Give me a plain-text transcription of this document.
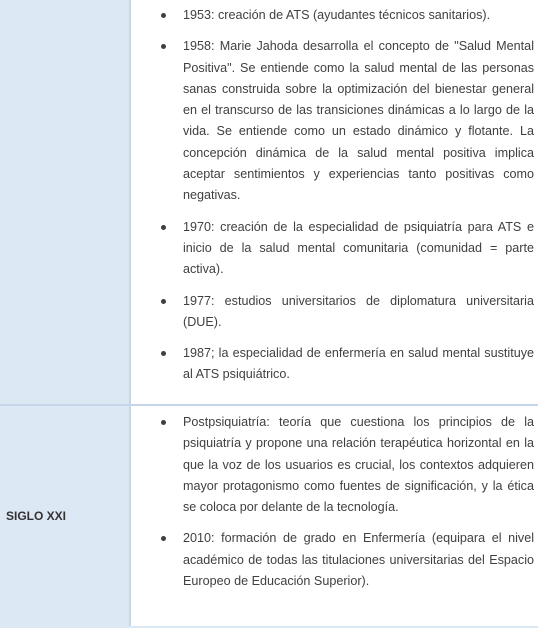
1953: creación de ATS (ayudantes técnicos sanitarios).
1958: Marie Jahoda desarrolla el concepto de "Salud Mental Positiva". Se entiende como la salud mental de las personas sanas construida sobre la optimización del bienestar general en el transcurso de las transiciones dinámicas a lo largo de la vida. Se entiende como un estado dinámico y flotante. La concepción dinámica de la salud mental positiva implica aceptar sentimientos y experiencias tanto positivas como negativas.
1970: creación de la especialidad de psiquiatría para ATS e inicio de la salud mental comunitaria (comunidad = parte activa).
1977: estudios universitarios de diplomatura universitaria (DUE).
1987; la especialidad de enfermería en salud mental sustituye al ATS psiquiátrico.
SIGLO XXI
Postpsiquiatría: teoría que cuestiona los principios de la psiquiatría y propone una relación terapéutica horizontal en la que la voz de los usuarios es crucial, los contextos adquieren mayor protagonismo como fuentes de significación, y la ética se coloca por delante de la tecnología.
2010: formación de grado en Enfermería (equipara el nivel académico de todas las titulaciones universitarias del Espacio Europeo de Educación Superior).
